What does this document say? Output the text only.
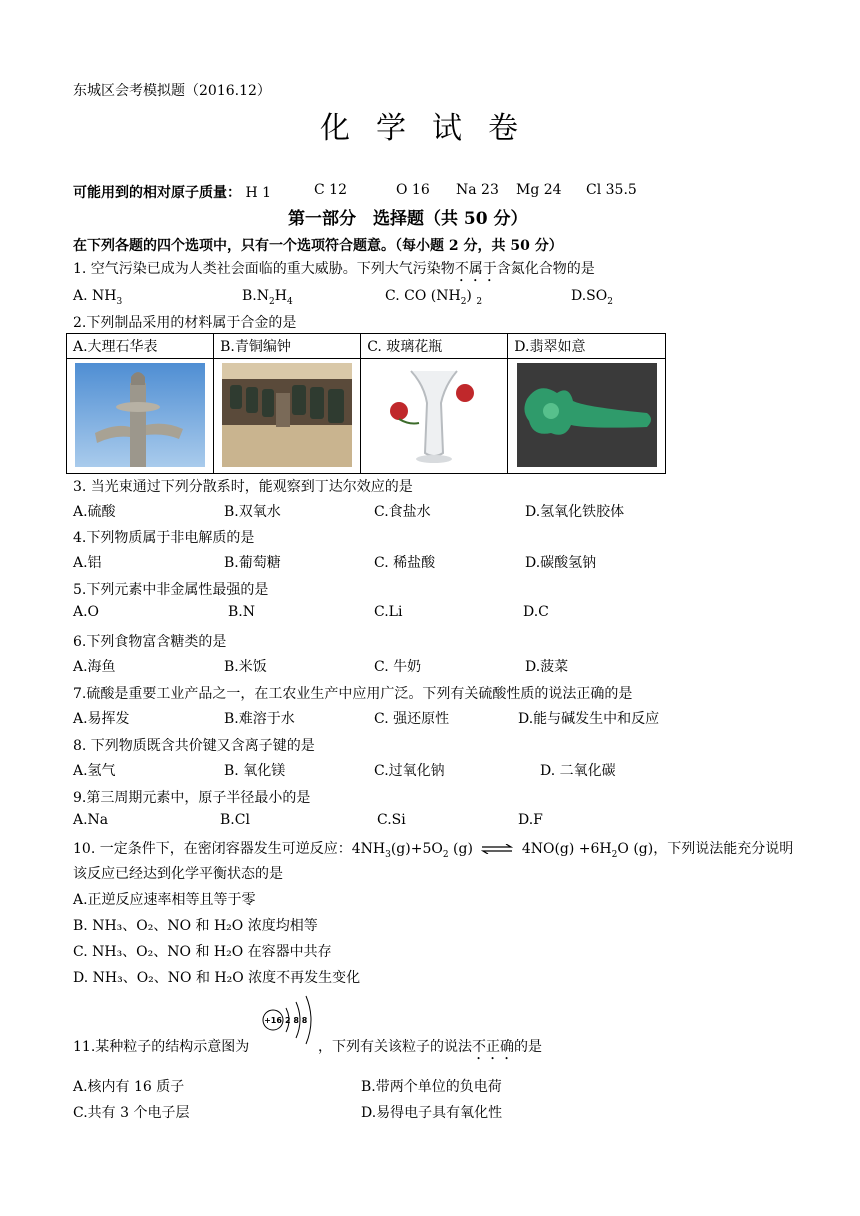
东城区会考模拟题（2016.12）
化学试卷
可能用到的相对原子质量： H 1	C 12	O 16 Na 23 Mg 24 Cl 35.5
第一部分　选择题（共 50 分）
在下列各题的四个选项中，只有一个选项符合题意。（每小题 2 分，共 50 分）
1. 空气污染已成为人类社会面临的重大威胁。下列大气污染物不属于含氮化合物的是
A. $NH_3$	$B.N_2H_4$	C. CO $(NH_2)$ $_2$	$D.SO_2$
2.下列制品采用的材料属于合金的是
A.大理石华表	B.青铜编钟	C. 玻璃花瓶	D.翡翠如意

3. 当光束通过下列分散系时，能观察到丁达尔效应的是
A.硫酸	B.双氧水	C.食盐水	D.氢氧化铁胶体
4.下列物质属于非电解质的是
A.铝	B.葡萄糖	C. 稀盐酸	D.碳酸氢钠
5.下列元素中非金属性最强的是
A.O	B.N	C.Li	D.C
6.下列食物富含糖类的是
A.海鱼	B.米饭	C. 牛奶	D.菠菜
7.硫酸是重要工业产品之一，在工农业生产中应用广泛。下列有关硫酸性质的说法正确的是
A.易挥发	B.难溶于水	C. 强还原性	D.能与碱发生中和反应
8. 下列物质既含共价键又含离子键的是
A.氢气	B. 氧化镁	C.过氧化钠	D. 二氧化碳
9.第三周期元素中，原子半径最小的是
A.Na	B.Cl	C.Si	D.F
10. 一定条件下，在密闭容器发生可逆反应：$4NH_3(g)+5O_2$ (g) ⇌ $4NO(g) +6H_2O$ (g)，下列说法能充分说明
该反应已经达到化学平衡状态的是
A.正逆反应速率相等且等于零
B. NH₃、O₂、NO 和 H₂O 浓度均相等
C. NH₃、O₂、NO 和 H₂O 在容器中共存
D. NH₃、O₂、NO 和 H₂O 浓度不再发生变化
11.某种粒子的结构示意图为
+16 2 8 8
，下列有关该粒子的说法不正确的是
A.核内有 16 质子	B.带两个单位的负电荷
C.共有 3 个电子层	D.易得电子具有氧化性
